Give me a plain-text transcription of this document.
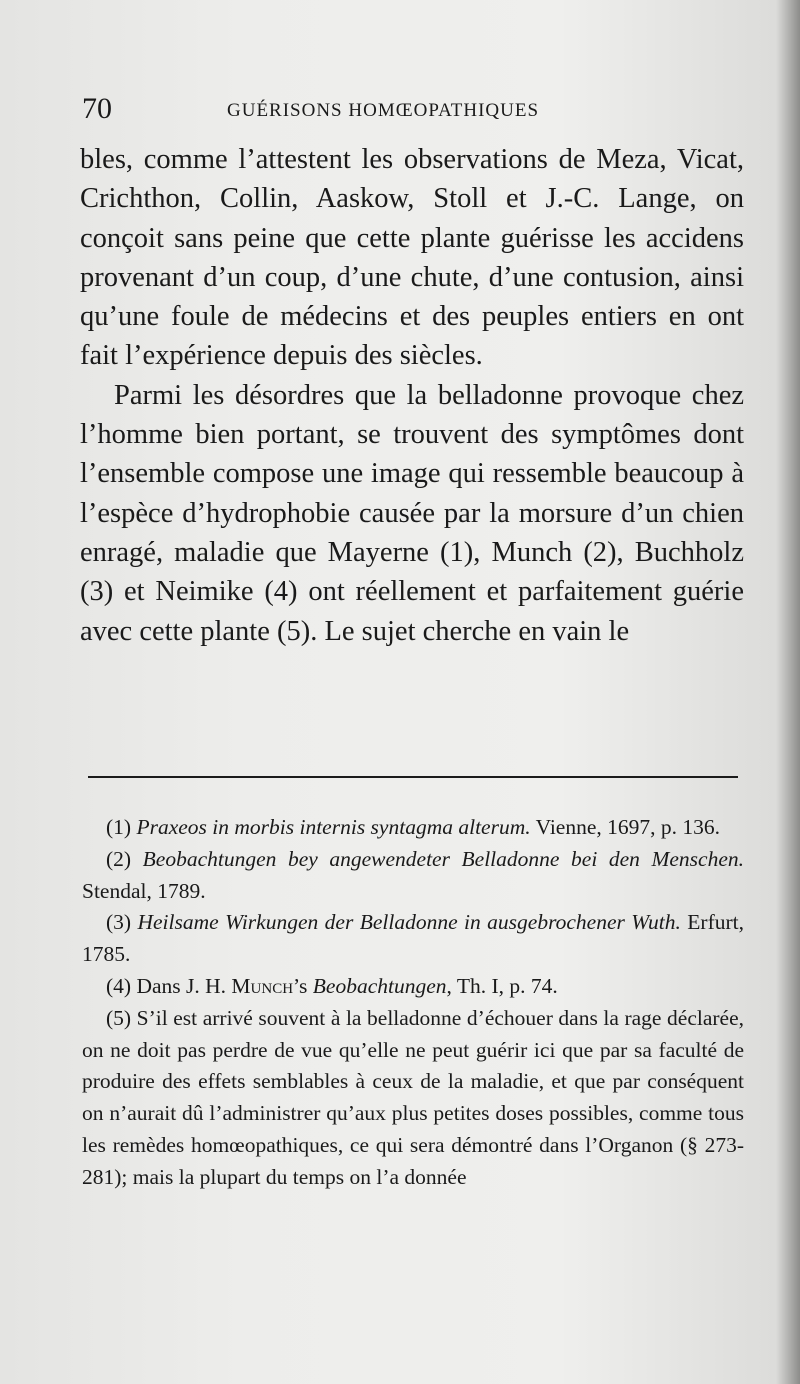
70	GUÉRISONS HOMŒOPATHIQUES

bles, comme l’attestent les observations de Meza, Vicat, Crichthon, Collin, Aaskow, Stoll et J.-C. Lange, on conçoit sans peine que cette plante guérisse les accidens provenant d’un coup, d’une chute, d’une contusion, ainsi qu’une foule de médecins et des peuples entiers en ont fait l’expérience depuis des siècles.

Parmi les désordres que la belladonne provoque chez l’homme bien portant, se trouvent des symptômes dont l’ensemble compose une image qui ressemble beaucoup à l’espèce d’hydrophobie causée par la morsure d’un chien enragé, maladie que Mayerne (1), Munch (2), Buchholz (3) et Neimike (4) ont réellement et parfaitement guérie avec cette plante (5). Le sujet cherche en vain le

(1) Praxeos in morbis internis syntagma alterum. Vienne, 1697, p. 136.

(2) Beobachtungen bey angewendeter Belladonne bei den Menschen. Stendal, 1789.

(3) Heilsame Wirkungen der Belladonne in ausgebrochener Wuth. Erfurt, 1785.

(4) Dans J. H. Munch’s Beobachtungen, Th. I, p. 74.

(5) S’il est arrivé souvent à la belladonne d’échouer dans la rage déclarée, on ne doit pas perdre de vue qu’elle ne peut guérir ici que par sa faculté de produire des effets semblables à ceux de la maladie, et que par conséquent on n’aurait dû l’administrer qu’aux plus petites doses possibles, comme tous les remèdes homœopathiques, ce qui sera démontré dans l’Organon (§ 273-281); mais la plupart du temps on l’a donnée
